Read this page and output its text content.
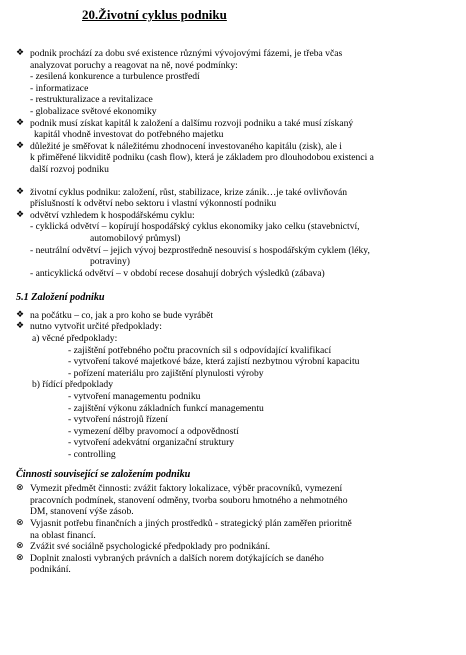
20.Životní cyklus podniku
❖ podnik prochází za dobu své existence různými vývojovými fázemi, je třeba včas
analyzovat poruchy a reagovat na ně, nové podmínky:
- zesilená konkurence a turbulence prostředí
- informatizace
- restrukturalizace a revitalizace
- globalizace světové ekonomiky
❖ podnik musí získat kapitál k založení a dalšímu rozvoji podniku a také musí získaný
kapitál vhodně investovat do potřebného majetku
❖ důležité je směřovat k náležitému zhodnocení investovaného kapitálu (zisk), ale i
k přiměřené likviditě podniku (cash flow), která je základem pro dlouhodobou existenci a
další rozvoj podniku
❖ životní cyklus podniku: založení, růst, stabilizace, krize zánik…je také ovlivňován
příslušností k odvětví nebo sektoru i vlastní výkonností podniku
❖ odvětví vzhledem k hospodářskému cyklu:
- cyklická odvětví – kopírují hospodářský cyklus ekonomiky jako celku (stavebnictví,
automobilový průmysl)
- neutrální odvětví – jejich vývoj bezprostředně nesouvisí s hospodářským cyklem (léky,
potraviny)
- anticyklická odvětví – v období recese dosahují dobrých výsledků (zábava)
5.1 Založení podniku
❖ na počátku – co, jak a pro koho se bude vyrábět
❖ nutno vytvořit určité předpoklady:
a) věcné předpoklady:
- zajištění potřebného počtu pracovních sil s odpovídající kvalifikací
- vytvoření takové majetkové báze, která zajistí nezbytnou výrobní kapacitu
- pořízení materiálu pro zajištění plynulosti výroby
b) řídící předpoklady
- vytvoření managementu podniku
- zajištění výkonu základních funkcí managementu
- vytvoření nástrojů řízení
- vymezení dělby pravomocí a odpovědností
- vytvoření adekvátní organizační struktury
- controlling
Činnosti související se založením podniku
⊗ Vymezit předmět činnosti: zvážit faktory lokalizace, výběr pracovníků, vymezení
pracovních podmínek, stanovení odměny, tvorba souboru hmotného a nehmotného
DM, stanovení výše zásob.
⊗ Vyjasnit potřebu finančních a jiných prostředků - strategický plán zaměřen prioritně
na oblast financí.
⊗ Zvážit své sociálně psychologické předpoklady pro podnikání.
⊗ Doplnit znalosti vybraných právních a dalších norem dotýkajících se daného
podnikání.
